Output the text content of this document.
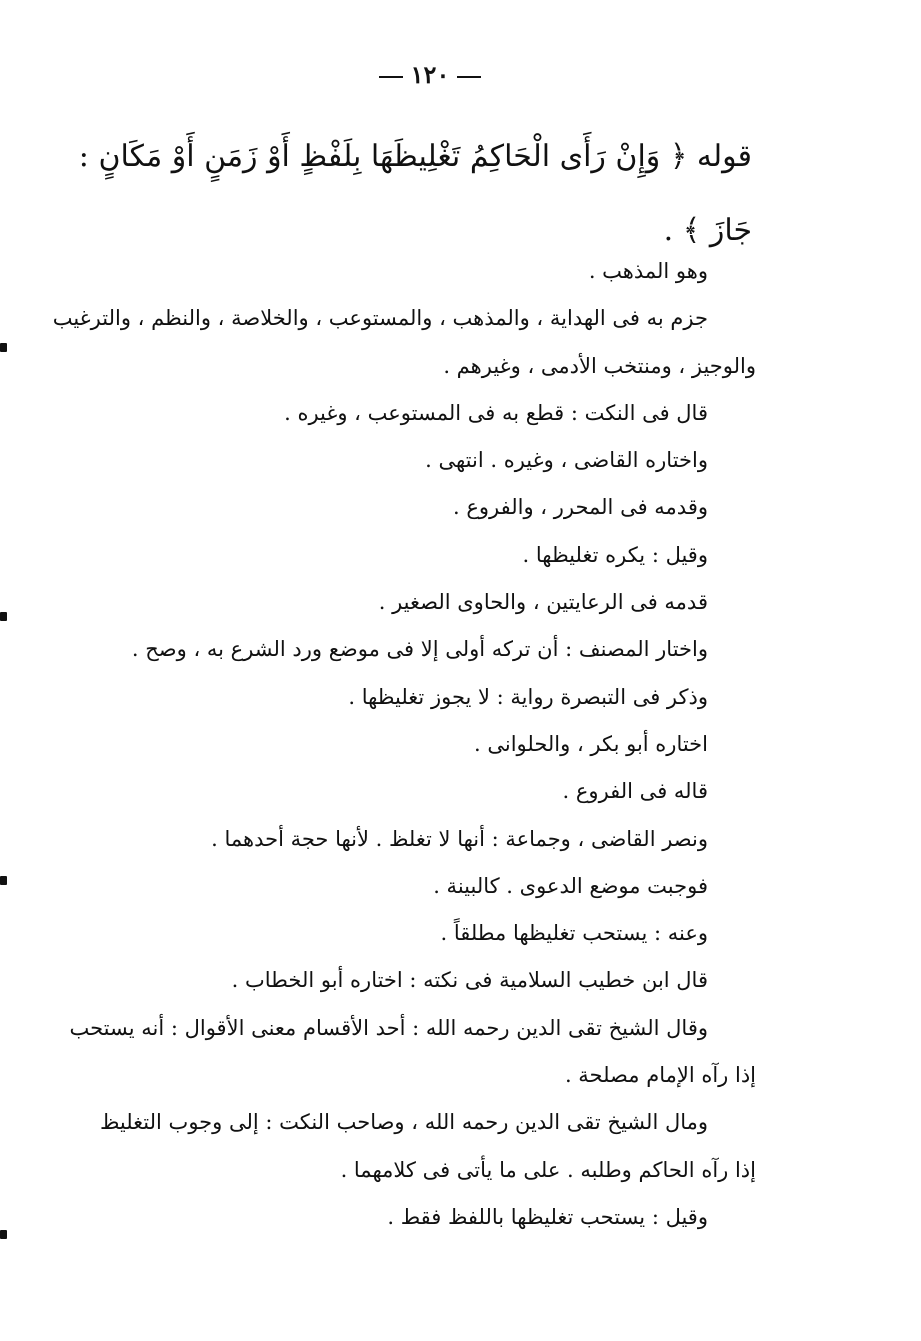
١٢٠
قوله ﴿ وَإِنْ رَأَى الْحَاكِمُ تَغْلِيظَهَا بِلَفْظٍ أَوْ زَمَنٍ أَوْ مَكَانٍ :
جَازَ ﴾ .
وهو المذهب .
جزم به فى الهداية ، والمذهب ، والمستوعب ، والخلاصة ، والنظم ، والترغيب
والوجيز ، ومنتخب الأدمى ، وغيرهم .
قال فى النكت : قطع به فى المستوعب ، وغيره .
واختاره القاضى ، وغيره . انتهى .
وقدمه فى المحرر ، والفروع .
وقيل : يكره تغليظها .
قدمه فى الرعايتين ، والحاوى الصغير .
واختار المصنف : أن تركه أولى إلا فى موضع ورد الشرع به ، وصح .
وذكر فى التبصرة رواية : لا يجوز تغليظها .
اختاره أبو بكر ، والحلوانى .
قاله فى الفروع .
ونصر القاضى ، وجماعة : أنها لا تغلظ . لأنها حجة أحدهما .
فوجبت موضع الدعوى . كالبينة .
وعنه : يستحب تغليظها مطلقاً .
قال ابن خطيب السلامية فى نكته : اختاره أبو الخطاب .
وقال الشيخ تقى الدين رحمه الله : أحد الأقسام معنى الأقوال : أنه يستحب
إذا رآه الإمام مصلحة .
ومال الشيخ تقى الدين رحمه الله ، وصاحب النكت : إلى وجوب التغليظ
إذا رآه الحاكم وطلبه . على ما يأتى فى كلامهما .
وقيل : يستحب تغليظها باللفظ فقط .
